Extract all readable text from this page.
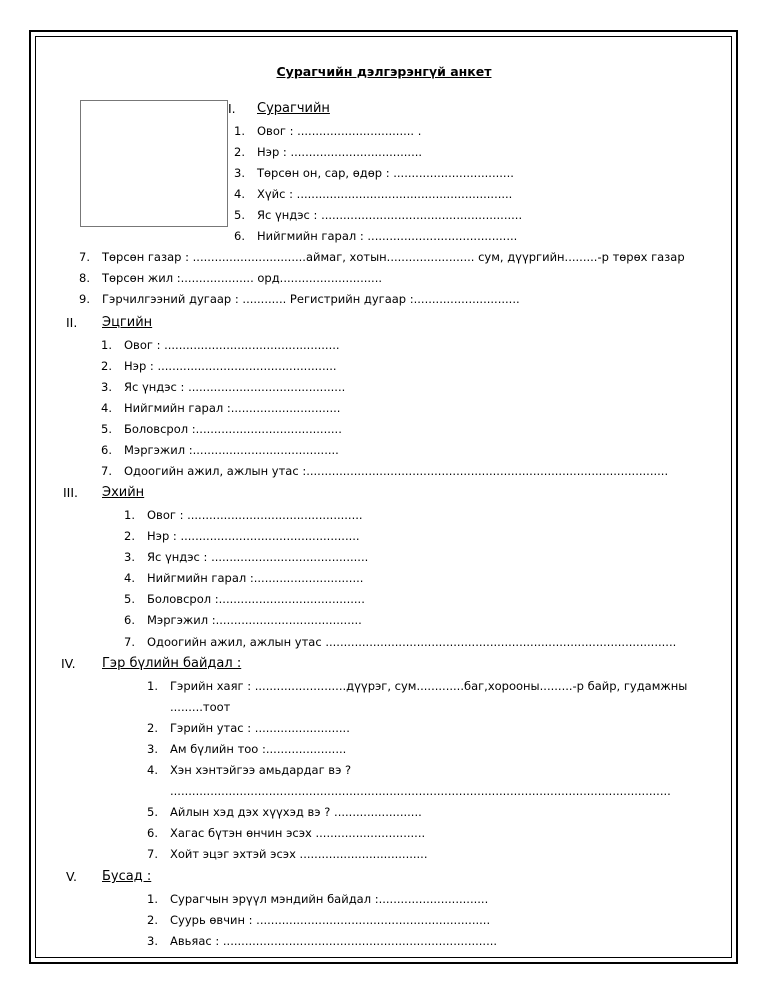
Сурагчийн дэлгэрэнгүй анкет
I. Сурагчийн
1. Овог : ................................ .
2. Нэр : ....................................
3. Төрсөн он, сар, өдөр : .................................
4. Хүйс : ...........................................................
5. Яс үндэс : .......................................................
6. Нийгмийн гарал : .........................................
7. Төрсөн газар : ...............................аймаг, хотын........................ сум, дүүргийн.........-р төрөх газар
8. Төрсөн жил :.................... орд............................
9. Гэрчилгээний дугаар : ............ Регистрийн дугаар :.............................
II. Эцгийн
1. Овог : ................................................
2. Нэр : .................................................
3. Яс үндэс : ...........................................
4. Нийгмийн гарал :..............................
5. Боловсрол :........................................
6. Мэргэжил :........................................
7. Одоогийн ажил, ажлын утас :...................................................................................................
III. Эхийн
1. Овог : ................................................
2. Нэр : .................................................
3. Яс үндэс : ...........................................
4. Нийгмийн гарал :..............................
5. Боловсрол :........................................
6. Мэргэжил :........................................
7. Одоогийн ажил, ажлын утас ................................................................................................
IV. Гэр бүлийн байдал :
1. Гэрийн хаяг : .........................дүүрэг, сум.............баг,хорооны.........-р байр, гудамжны
.........тоот
2. Гэрийн утас : ..........................
3. Ам бүлийн тоо :......................
4. Хэн хэнтэйгээ амьдардаг вэ ?
.........................................................................................................................................
5. Айлын хэд дэх хүүхэд вэ ? ........................
6. Хагас бүтэн өнчин эсэх ..............................
7. Хойт эцэг эхтэй эсэх ...................................
V. Бусад :
1. Сурагчын эрүүл мэндийн байдал :..............................
2. Суурь өвчин : ................................................................
3. Авьяас : ...........................................................................
